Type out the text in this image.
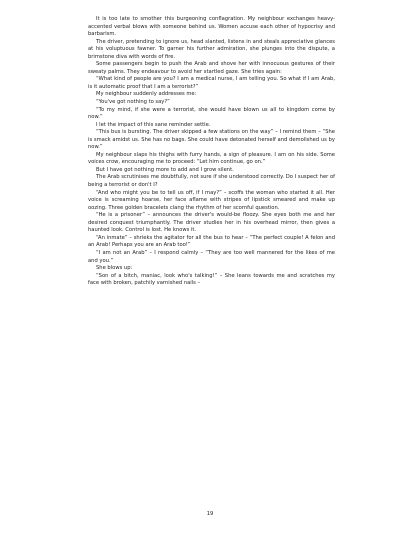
It is too late to smother this burgeoning conflagration. My neighbour exchanges heavy-accented verbal blows with someone behind us. Women accuse each other of hypocrisy and barbarism.

The driver, pretending to ignore us, head slanted, listens in and steals appreciative glances at his voluptuous fawner. To garner his further admiration, she plunges into the dispute, a brimstone diva with words of fire.

Some passengers begin to push the Arab and shove her with innocuous gestures of their sweaty palms. They endeavour to avoid her startled gaze. She tries again:

“What kind of people are you? I am a medical nurse, I am telling you. So what if I am Arab, is it automatic proof that I am a terrorist?”

My neighbour suddenly addresses me:

“You've got nothing to say?”

“To my mind, if she were a terrorist, she would have blown us all to kingdom come by now.”

I let the impact of this sane reminder settle.

“This bus is bursting. The driver skipped a few stations on the way” – I remind them – “She is smack amidst us. She has no bags. She could have detonated herself and demolished us by now.”

My neighbour slaps his thighs with furry hands, a sign of pleasure. I am on his side. Some voices crow, encouraging me to proceed: “Let him continue, go on.”

But I have got nothing more to add and I grow silent.

The Arab scrutinises me doubtfully, not sure if she understood correctly. Do I suspect her of being a terrorist or don't I?

“And who might you be to tell us off, if I may?” – scoffs the woman who started it all. Her voice is screaming hoarse, her face aflame with stripes of lipstick smeared and make up oozing. Three golden bracelets clang the rhythm of her scornful question.

“He is a prisoner” – announces the driver's would-be floozy. She eyes both me and her desired conquest triumphantly. The driver studies her in his overhead mirror, then gives a haunted look. Control is lost. He knows it.

“An inmate” – shrieks the agitator for all the bus to hear – “The perfect couple! A felon and an Arab! Perhaps you are an Arab too!”

“I am not an Arab” – I respond calmly – “They are too well mannered for the likes of me and you.”

She blows up:

“Son of a bitch, maniac, look who's talking!” – She leans towards me and scratches my face with broken, patchily varnished nails –

19
